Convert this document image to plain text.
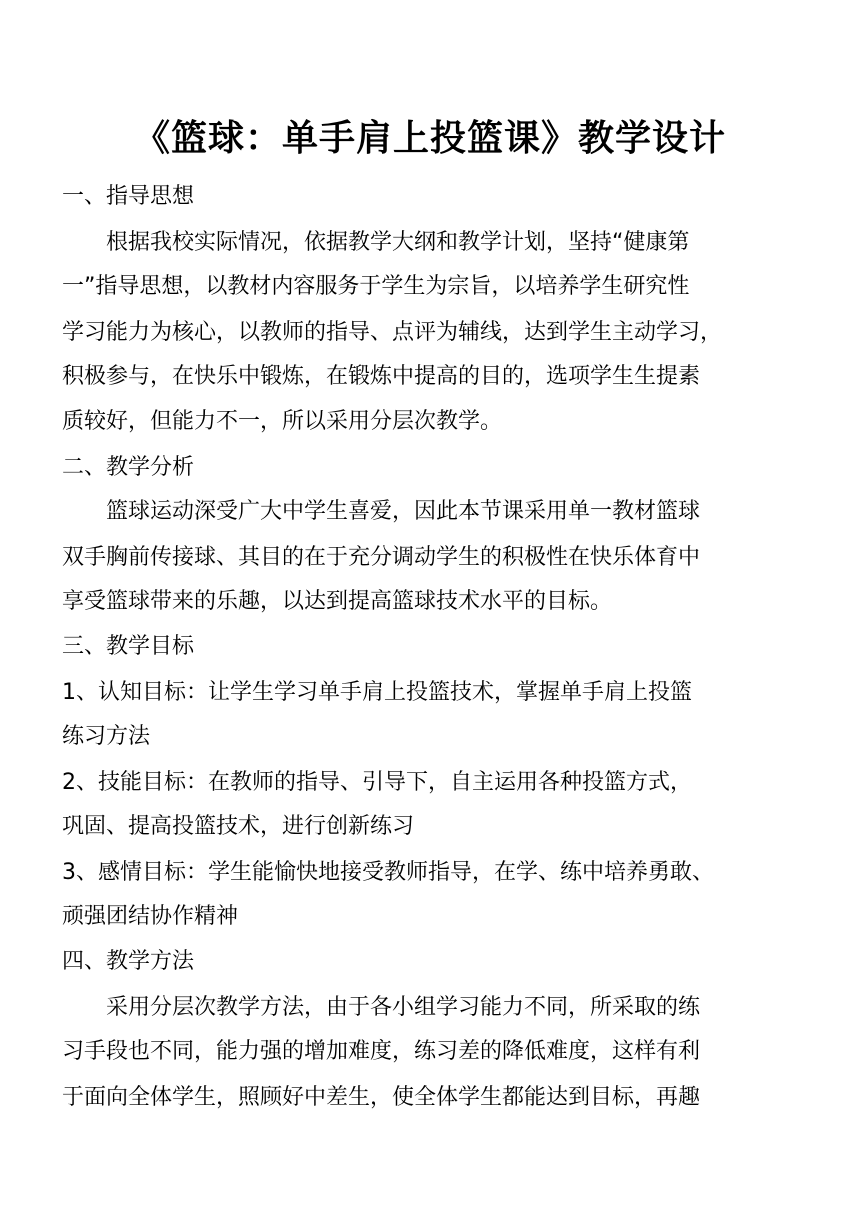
《篮球：单手肩上投篮课》教学设计
一、指导思想
根据我校实际情况，依据教学大纲和教学计划，坚持“健康第
一”指导思想，以教材内容服务于学生为宗旨，以培养学生研究性
学习能力为核心，以教师的指导、点评为辅线，达到学生主动学习，
积极参与，在快乐中锻炼，在锻炼中提高的目的，选项学生生提素
质较好，但能力不一，所以采用分层次教学。
二、教学分析
篮球运动深受广大中学生喜爱，因此本节课采用单一教材篮球
双手胸前传接球、其目的在于充分调动学生的积极性在快乐体育中
享受篮球带来的乐趣，以达到提高篮球技术水平的目标。
三、教学目标
1、认知目标：让学生学习单手肩上投篮技术，掌握单手肩上投篮
练习方法
2、技能目标：在教师的指导、引导下，自主运用各种投篮方式，
巩固、提高投篮技术，进行创新练习
3、感情目标：学生能愉快地接受教师指导，在学、练中培养勇敢、
顽强团结协作精神
四、教学方法
采用分层次教学方法，由于各小组学习能力不同，所采取的练
习手段也不同，能力强的增加难度，练习差的降低难度，这样有利
于面向全体学生，照顾好中差生，使全体学生都能达到目标，再趣
